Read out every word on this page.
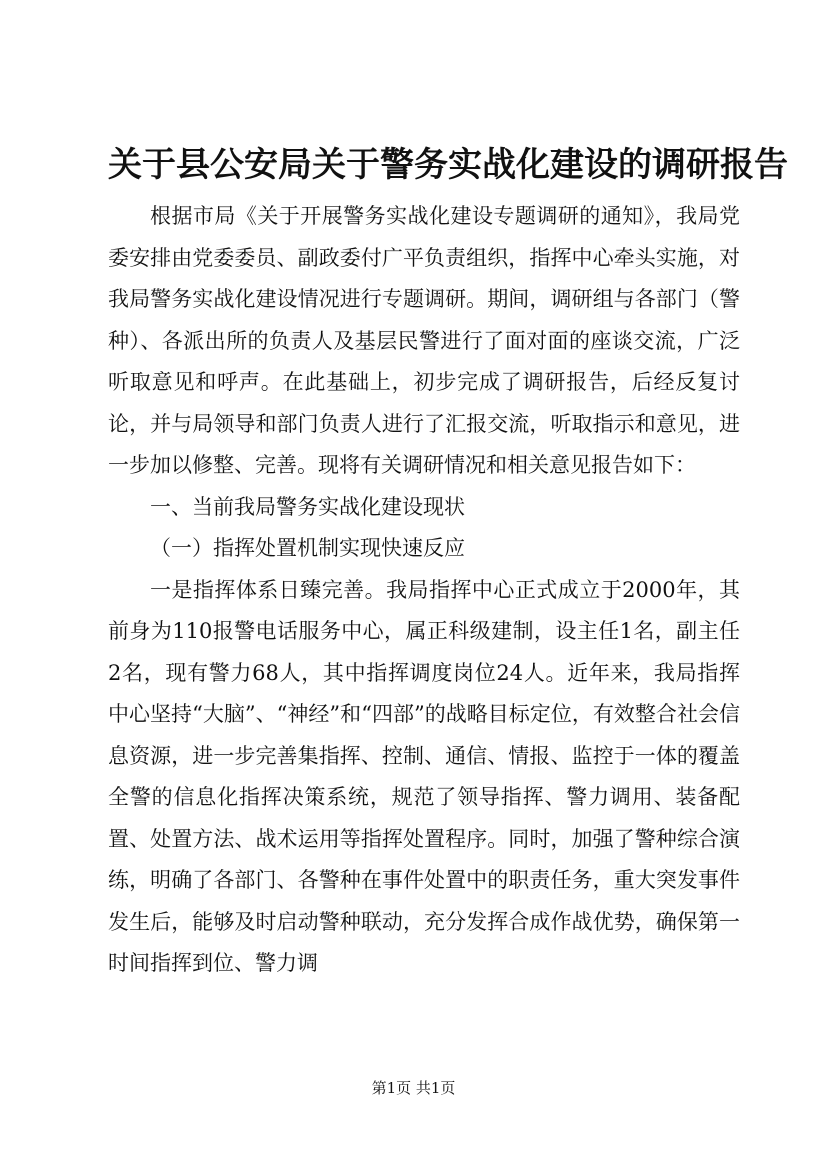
关于县公安局关于警务实战化建设的调研报告

根据市局《关于开展警务实战化建设专题调研的通知》，我局党委安排由党委委员、副政委付广平负责组织，指挥中心牵头实施，对我局警务实战化建设情况进行专题调研。期间，调研组与各部门（警种）、各派出所的负责人及基层民警进行了面对面的座谈交流，广泛听取意见和呼声。在此基础上，初步完成了调研报告，后经反复讨论，并与局领导和部门负责人进行了汇报交流，听取指示和意见，进一步加以修整、完善。现将有关调研情况和相关意见报告如下：

一、当前我局警务实战化建设现状

（一）指挥处置机制实现快速反应

一是指挥体系日臻完善。我局指挥中心正式成立于2000年，其前身为110报警电话服务中心，属正科级建制，设主任1名，副主任2名，现有警力68人，其中指挥调度岗位24人。近年来，我局指挥中心坚持“大脑”、“神经”和“四部”的战略目标定位，有效整合社会信息资源，进一步完善集指挥、控制、通信、情报、监控于一体的覆盖全警的信息化指挥决策系统，规范了领导指挥、警力调用、装备配置、处置方法、战术运用等指挥处置程序。同时，加强了警种综合演练，明确了各部门、各警种在事件处置中的职责任务，重大突发事件发生后，能够及时启动警种联动，充分发挥合成作战优势，确保第一时间指挥到位、警力调

第1页 共1页
